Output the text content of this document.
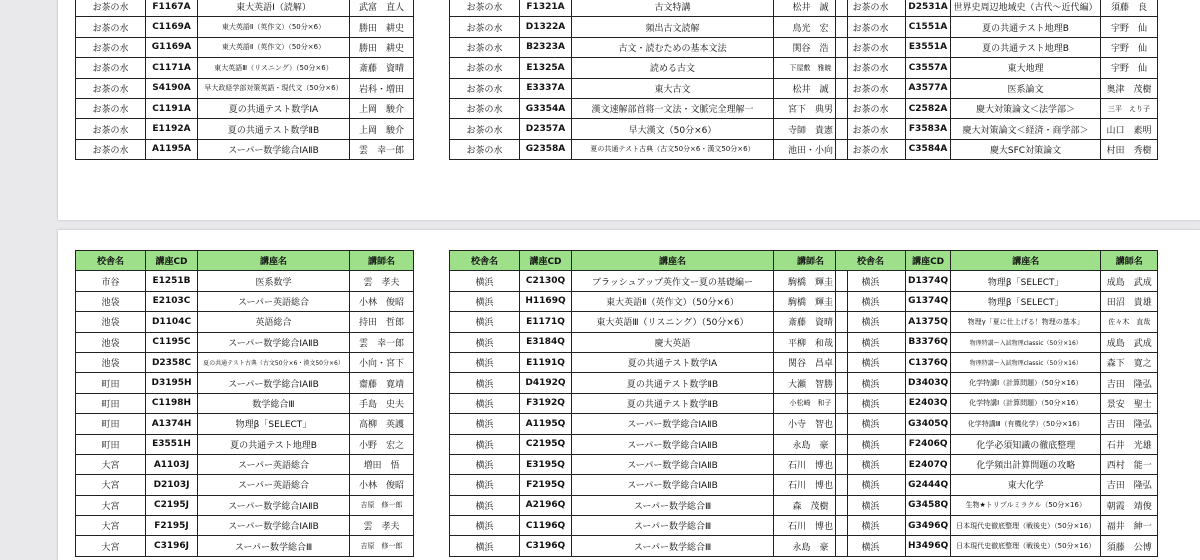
お茶の水	F1167A	東大英語Ⅰ（読解）	武富　直人
お茶の水	C1169A	東大英語Ⅱ（英作文）（50分×6）	勝田　耕史
お茶の水	G1169A	東大英語Ⅱ（英作文）（50分×6）	勝田　耕史
お茶の水	C1171A	東大英語Ⅲ（リスニング）（50分×6）	斎藤　資晴
お茶の水	S4190A	早大政経学部対策英語・現代文（50分×6）	岩科・増田
お茶の水	C1191A	夏の共通テスト数学ⅠA	上岡　駿介
お茶の水	E1192A	夏の共通テスト数学ⅡB	上岡　駿介
お茶の水	A1195A	スーパー数学総合ⅠAⅡB	雲　幸一郎
お茶の水	F1321A	古文特講	松井　誠
お茶の水	D1322A	頻出古文読解	鳥光　宏
お茶の水	B2323A	古文・読むための基本文法	関谷　浩
お茶の水	E1325A	読める古文	下屋敷　雅暁
お茶の水	E3337A	東大古文	松井　誠
お茶の水	G3354A	漢文速解部首将一文法・文脈完全理解一	宮下　典男
お茶の水	D2357A	早大漢文（50分×6）	寺師　貴憲
お茶の水	G2358A	夏の共通テスト古典（古文50分×6・漢文50分×6）	池田・小向
お茶の水	D2531A	世界史周辺地域史（古代～近代編）	須藤　良
お茶の水	C1551A	夏の共通テスト地理B	宇野　仙
お茶の水	E3551A	夏の共通テスト地理B	宇野　仙
お茶の水	C3557A	東大地理	宇野　仙
お茶の水	A3577A	医系論文	奥津　茂樹
お茶の水	C2582A	慶大対策論文＜法学部＞	三平　えり子
お茶の水	F3583A	慶大対策論文＜経済・商学部＞	山口　素明
お茶の水	C3584A	慶大SFC対策論文	村田　秀樹
校舎名	講座CD	講座名	講師名
市谷	E1251B	医系数学	雲　孝夫
池袋	E2103C	スーパー英語総合	小林　俊昭
池袋	D1104C	英語総合	持田　哲郎
池袋	C1195C	スーパー数学総合ⅠAⅡB	雲　幸一郎
池袋	D2358C	夏の共通テスト古典（古文50分×6・漢文50分×6）	小向・宮下
町田	D3195H	スーパー数学総合ⅠAⅡB	齋藤　寛靖
町田	C1198H	数学総合Ⅲ	手島　史夫
町田	A1374H	物理β「SELECT」	高柳　英護
町田	E3551H	夏の共通テスト地理B	小野　宏之
大宮	A1103J	スーパー英語総合	増田　悟
大宮	D2103J	スーパー英語総合	小林　俊昭
大宮	C2195J	スーパー数学総合ⅠAⅡB	吉原　修一郎
大宮	F2195J	スーパー数学総合ⅠAⅡB	雲　孝夫
大宮	C3196J	スーパー数学総合Ⅲ	吉原　修一郎
校舎名	講座CD	講座名	講師名
横浜	C2130Q	ブラッシュアップ英作文ー夏の基礎編ー	駒橋　輝圭
横浜	H1169Q	東大英語Ⅱ（英作文）（50分×6）	駒橋　輝圭
横浜	E1171Q	東大英語Ⅲ（リスニング）（50分×6）	斎藤　資晴
横浜	E3184Q	慶大英語	平柳　和哉
横浜	E1191Q	夏の共通テスト数学ⅠA	関谷　昌卓
横浜	D4192Q	夏の共通テスト数学ⅡB	大瀬　智勝
横浜	F3192Q	夏の共通テスト数学ⅡB	小松崎　和子
横浜	A1195Q	スーパー数学総合ⅠAⅡB	小寺　智也
横浜	C2195Q	スーパー数学総合ⅠAⅡB	永島　豪
横浜	E3195Q	スーパー数学総合ⅠAⅡB	石川　博也
横浜	F2195Q	スーパー数学総合ⅠAⅡB	石川　博也
横浜	A2196Q	スーパー数学総合Ⅲ	森　茂樹
横浜	C1196Q	スーパー数学総合Ⅲ	石川　博也
横浜	C3196Q	スーパー数学総合Ⅲ	永島　豪
校舎名	講座CD	講座名	講師名
横浜	D1374Q	物理β「SELECT」	成島　武成
横浜	G1374Q	物理β「SELECT」	田沼　貴雄
横浜	A1375Q	物理γ「夏に仕上げる！物理の基本」	佐々木　直哉
横浜	B3376Q	物理特講ー入試物理classic（50分×16）	成島　武成
横浜	C1376Q	物理特講ー入試物理classic（50分×16）	森下　寛之
横浜	D3403Q	化学特講Ⅰ（計算問題）（50分×16）	吉田　隆弘
横浜	E2403Q	化学特講Ⅰ（計算問題）（50分×16）	景安　聖士
横浜	G3405Q	化学特講Ⅲ（有機化学）（50分×16）	吉田　隆弘
横浜	F2406Q	化学必須知識の徹底整理	石井　光雄
横浜	E2407Q	化学頻出計算問題の攻略	西村　能一
横浜	G2444Q	東大化学	吉田　隆弘
横浜	G3458Q	生物★トリプルミラクル（50分×16）	朝霞　靖俊
横浜	G3496Q	日本現代史徹底整理（戦後史）（50分×16）	福井　紳一
横浜	H3496Q	日本現代史徹底整理（戦後史）（50分×16）	須藤　公博
